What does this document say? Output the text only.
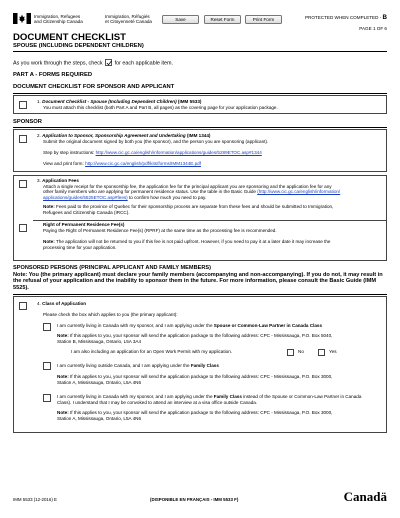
Immigration, Refugees
and Citizenship Canada
Immigration, Réfugiés
et Citoyenneté Canada	Save	Reset Form	Print Form	PROTECTED WHEN COMPLETED - B
PAGE 1 OF 6
DOCUMENT CHECKLIST
SPOUSE (INCLUDING DEPENDENT CHILDREN)
As you work through the steps, check for each applicable item.
PART A - FORMS REQUIRED
DOCUMENT CHECKLIST FOR SPONSOR AND APPLICANT
1. Document Checklist - Spouse (Including Dependent Children) (IMM 5533)
You must attach this checklist (both Part A and Part B, all pages) as the covering page for your application package.
SPONSOR
2. Application to Sponsor, Sponsorship Agreement and Undertaking (IMM 1344)
Submit the original document signed by both you (the sponsor), and the person you are sponsoring (applicant).
Step by step instructions: http://www.cic.gc.ca/english/information/applications/guides/5289ETOC.asp#1344
View and print form: http://www.cic.gc.ca/english/pdf/kits/forms/IMM1344E.pdf
3. Application Fees
Attach a single receipt for the sponsorship fee, the application fee for the principal applicant you are sponsoring and the application fee for any
other family members who are applying for permanent residence status. Use the table in the Basic Guide (http://www.cic.gc.ca/english/information/
applications/guides/5525ETOC.asp#fees) to confirm how much you need to pay.
Note: Fees paid to the province of Quebec for their sponsorship process are separate from these fees and should be submitted to Immigration,
Refugees and Citizenship Canada (IRCC).
Right of Permanent Residence Fee(s)
Paying the Right of Permanent Residence Fee(s) (RPRF) at the same time as the processing fee is recommended.
Note: The application will not be returned to you if this fee is not paid upfront. However, if you need to pay it at a later date it may increase the
processing time for your application.
SPONSORED PERSONS (PRINCIPAL APPLICANT AND FAMILY MEMBERS)
Note: You (the primary applicant) must declare your family members (accompanying and non-accompanying). If you do not, it may result in the refusal of your application and the inability to sponsor them in the future. For more information, please consult the Basic Guide (IMM 5525).
4. Class of Application
Please check the box which applies to you (the primary applicant):
I am currently living in Canada with my sponsor, and I am applying under the Spouse or Common-Law Partner in Canada Class
Note: If this applies to you, your sponsor will send the application package to the following address: CPC - Mississauga, P.O. Box 5040,
Station B, Mississauga, Ontario, L5A 3A4
I am also including an application for an Open Work Permit with my application.	No	Yes
I am currently living outside Canada, and I am applying under the Family Class
Note: If this applies to you, your sponsor will send the application package to the following address: CPC - Mississauga, P.O. Box 3000,
Station A, Mississauga, Ontario, L5A 4N6
I am currently living in Canada with my sponsor, and I am applying under the Family Class instead of the Spouse or Common-Law Partner in Canada
Class). I understand that I may be convoked to attend an interview at a visa office outside Canada.
Note: If this applies to you, your sponsor will send the application package to the following address: CPC - Mississauga, P.O. Box 3000,
Station A, Mississauga, Ontario, L5A 4N6
IMM 5533 (12-2016) E	(DISPONIBLE EN FRANÇAIS - IMM 5533 F)	Canadä
